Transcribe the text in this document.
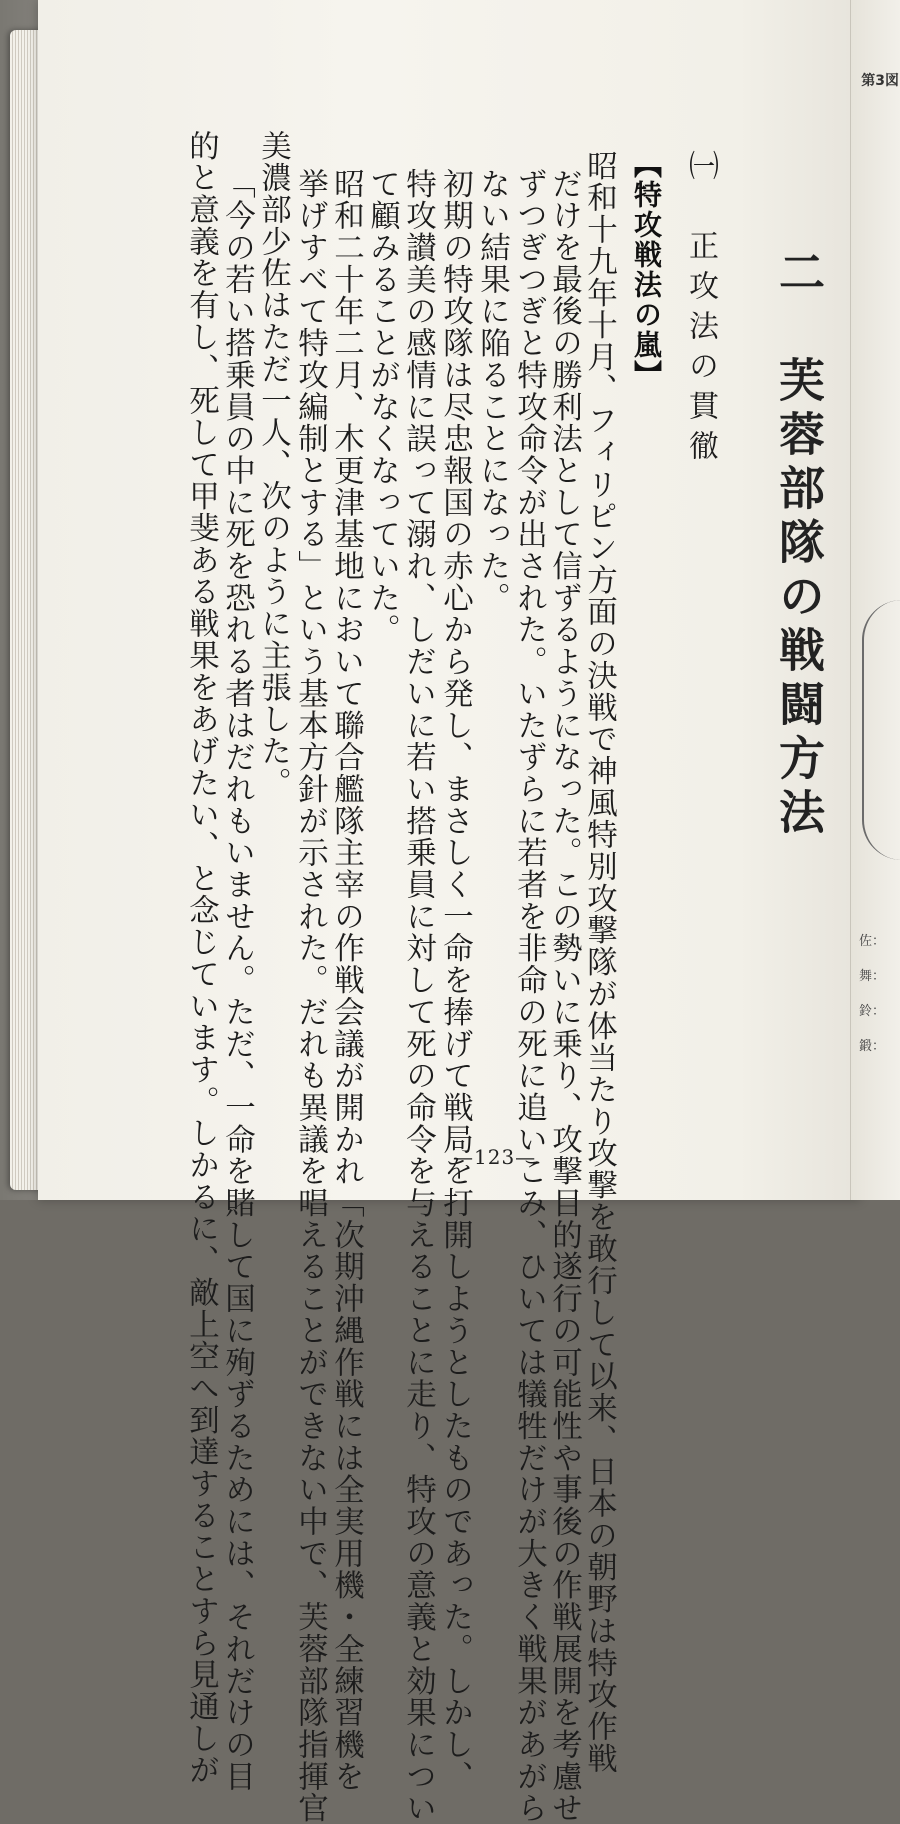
二　芙蓉部隊の戦闘方法
㈠　正攻法の貫徹
【特攻戦法の嵐】
昭和十九年十月、フィリピン方面の決戦で神風特別攻撃隊が体当たり攻撃を敢行して以来、日本の朝野は特攻作戦
だけを最後の勝利法として信ずるようになった。この勢いに乗り、攻撃目的遂行の可能性や事後の作戦展開を考慮せ
ずつぎつぎと特攻命令が出された。いたずらに若者を非命の死に追いこみ、ひいては犠牲だけが大きく戦果があがら
ない結果に陥ることになった。
初期の特攻隊は尽忠報国の赤心から発し、まさしく一命を捧げて戦局を打開しようとしたものであった。しかし、
特攻讃美の感情に誤って溺れ、しだいに若い搭乗員に対して死の命令を与えることに走り、特攻の意義と効果につい
て顧みることがなくなっていた。
昭和二十年二月、木更津基地において聯合艦隊主宰の作戦会議が開かれ「次期沖縄作戦には全実用機・全練習機を
挙げすべて特攻編制とする」という基本方針が示された。だれも異議を唱えることができない中で、芙蓉部隊指揮官
美濃部少佐はただ一人、次のように主張した。
「今の若い搭乗員の中に死を恐れる者はだれもいません。ただ、一命を賭して国に殉ずるためには、それだけの目
的と意義を有し、死して甲斐ある戦果をあげたい、と念じています。しかるに、敵上空へ到達することすら見通しが	—123—
第3図
佐：
舞：
鈴：
鍛：
